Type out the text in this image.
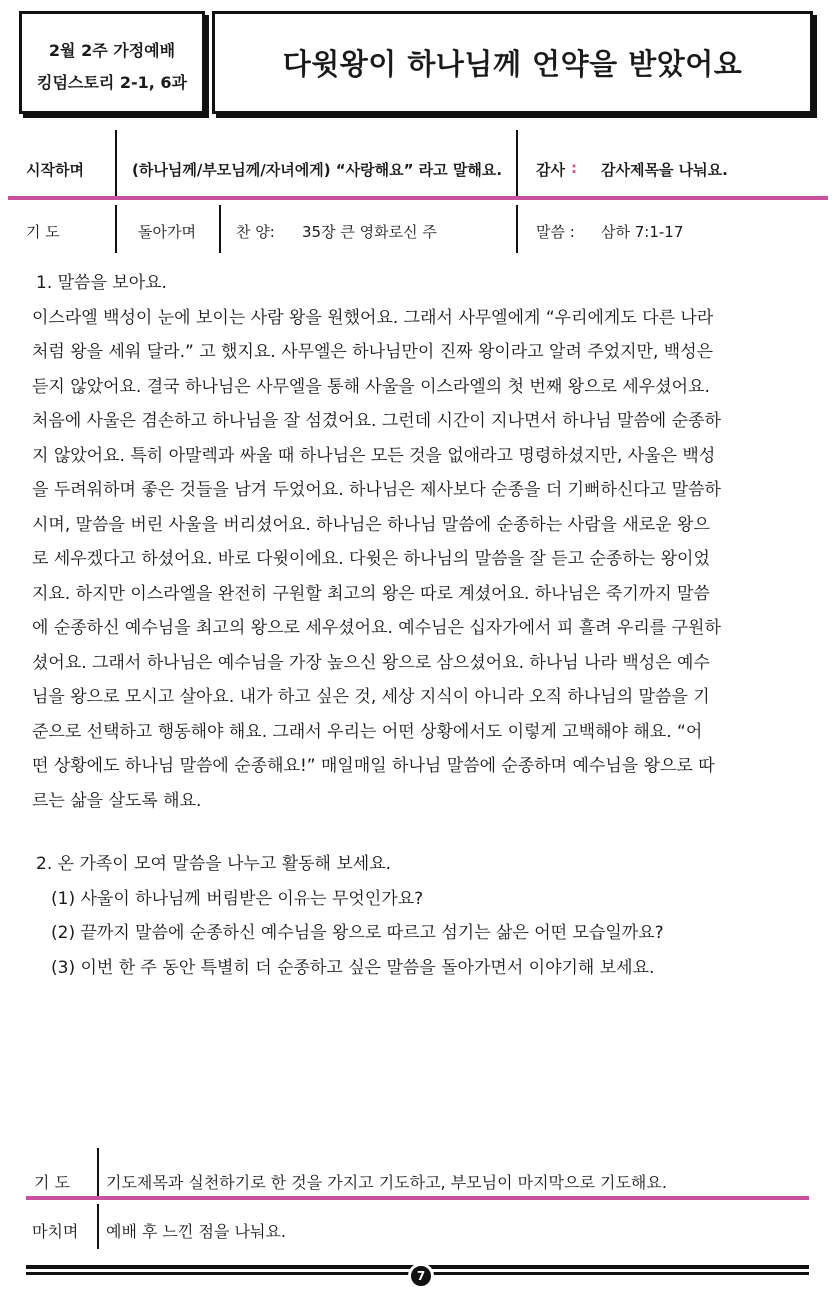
2월 2주 가정예배
킹덤스토리 2-1, 6과
다윗왕이 하나님께 언약을 받았어요
시작하며	(하나님께/부모님께/자녀에게) “사랑해요” 라고 말해요. 감사 : 감사제목을 나눠요.
기 도	돌아가며	찬 양: 35장 큰 영화로신 주	말씀 : 삼하 7:1-17
1. 말씀을 보아요.
이스라엘 백성이 눈에 보이는 사람 왕을 원했어요. 그래서 사무엘에게 “우리에게도 다른 나라
처럼 왕을 세워 달라.” 고 했지요. 사무엘은 하나님만이 진짜 왕이라고 알려 주었지만, 백성은
듣지 않았어요. 결국 하나님은 사무엘을 통해 사울을 이스라엘의 첫 번째 왕으로 세우셨어요.
처음에 사울은 겸손하고 하나님을 잘 섬겼어요. 그런데 시간이 지나면서 하나님 말씀에 순종하
지 않았어요. 특히 아말렉과 싸울 때 하나님은 모든 것을 없애라고 명령하셨지만, 사울은 백성
을 두려워하며 좋은 것들을 남겨 두었어요. 하나님은 제사보다 순종을 더 기뻐하신다고 말씀하
시며, 말씀을 버린 사울을 버리셨어요. 하나님은 하나님 말씀에 순종하는 사람을 새로운 왕으
로 세우겠다고 하셨어요. 바로 다윗이에요. 다윗은 하나님의 말씀을 잘 듣고 순종하는 왕이었
지요. 하지만 이스라엘을 완전히 구원할 최고의 왕은 따로 계셨어요. 하나님은 죽기까지 말씀
에 순종하신 예수님을 최고의 왕으로 세우셨어요. 예수님은 십자가에서 피 흘려 우리를 구원하
셨어요. 그래서 하나님은 예수님을 가장 높으신 왕으로 삼으셨어요. 하나님 나라 백성은 예수
님을 왕으로 모시고 살아요. 내가 하고 싶은 것, 세상 지식이 아니라 오직 하나님의 말씀을 기
준으로 선택하고 행동해야 해요. 그래서 우리는 어떤 상황에서도 이렇게 고백해야 해요. “어
떤 상황에도 하나님 말씀에 순종해요!” 매일매일 하나님 말씀에 순종하며 예수님을 왕으로 따
르는 삶을 살도록 해요.
2. 온 가족이 모여 말씀을 나누고 활동해 보세요.
(1) 사울이 하나님께 버림받은 이유는 무엇인가요?
(2) 끝까지 말씀에 순종하신 예수님을 왕으로 따르고 섬기는 삶은 어떤 모습일까요?
(3) 이번 한 주 동안 특별히 더 순종하고 싶은 말씀을 돌아가면서 이야기해 보세요.
기 도 기도제목과 실천하기로 한 것을 가지고 기도하고, 부모님이 마지막으로 기도해요.
마치며 예배 후 느낀 점을 나눠요.
7
